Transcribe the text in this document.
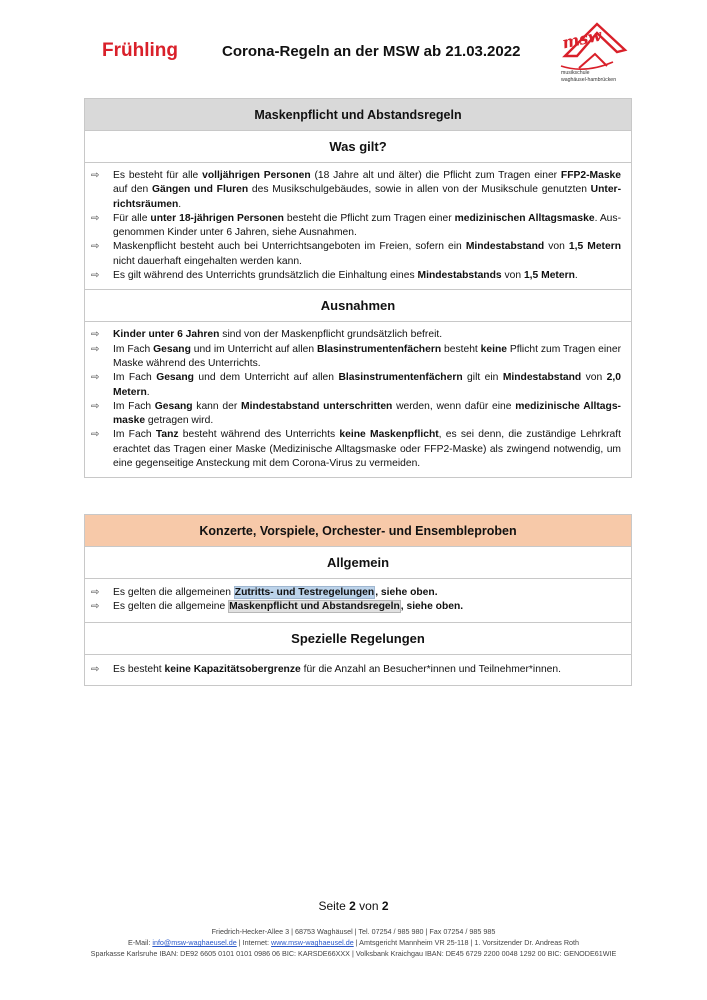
Frühling	Corona-Regeln an der MSW ab 21.03.2022	msw
musikschule
waghäusel-hambrücken
Maskenpflicht und Abstandsregeln
Was gilt?
⇨	Es besteht für alle volljährigen Personen (18 Jahre alt und älter) die Pflicht zum Tragen einer FFP2-Maske auf den Gängen und Fluren des Musikschulgebäudes, sowie in allen von der Musikschule genutzten Unterrichtsräumen.
⇨	Für alle unter 18-jährigen Personen besteht die Pflicht zum Tragen einer medizinischen Alltagsmaske. Ausgenommen Kinder unter 6 Jahren, siehe Ausnahmen.
⇨	Maskenpflicht besteht auch bei Unterrichtsangeboten im Freien, sofern ein Mindestabstand von 1,5 Metern nicht dauerhaft eingehalten werden kann.
⇨	Es gilt während des Unterrichts grundsätzlich die Einhaltung eines Mindestabstands von 1,5 Metern.
Ausnahmen
⇨	Kinder unter 6 Jahren sind von der Maskenpflicht grundsätzlich befreit.
⇨	Im Fach Gesang und im Unterricht auf allen Blasinstrumentenfächern besteht keine Pflicht zum Tragen einer Maske während des Unterrichts.
⇨	Im Fach Gesang und dem Unterricht auf allen Blasinstrumentenfächern gilt ein Mindestabstand von 2,0 Metern.
⇨	Im Fach Gesang kann der Mindestabstand unterschritten werden, wenn dafür eine medizinische Alltagsmaske getragen wird.
⇨	Im Fach Tanz besteht während des Unterrichts keine Maskenpflicht, es sei denn, die zuständige Lehrkraft erachtet das Tragen einer Maske (Medizinische Alltagsmaske oder FFP2-Maske) als zwingend notwendig, um eine gegenseitige Ansteckung mit dem Corona-Virus zu vermeiden.
Konzerte, Vorspiele, Orchester- und Ensembleproben
Allgemein
⇨	Es gelten die allgemeinen Zutritts- und Testregelungen, siehe oben.
⇨	Es gelten die allgemeine Maskenpflicht und Abstandsregeln, siehe oben.
Spezielle Regelungen
⇨	Es besteht keine Kapazitätsobergrenze für die Anzahl an Besucher*innen und Teilnehmer*innen.
Seite 2 von 2
Friedrich-Hecker-Allee 3 | 68753 Waghäusel | Tel. 07254 / 985 980 | Fax 07254 / 985 985
E-Mail: info@msw-waghaeusel.de | Internet: www.msw-waghaeusel.de | Amtsgericht Mannheim VR 25-118 | 1. Vorsitzender Dr. Andreas Roth
Sparkasse Karlsruhe IBAN: DE92 6605 0101 0101 0986 06 BIC: KARSDE66XXX | Volksbank Kraichgau IBAN: DE45 6729 2200 0048 1292 00 BIC: GENODE61WIE
